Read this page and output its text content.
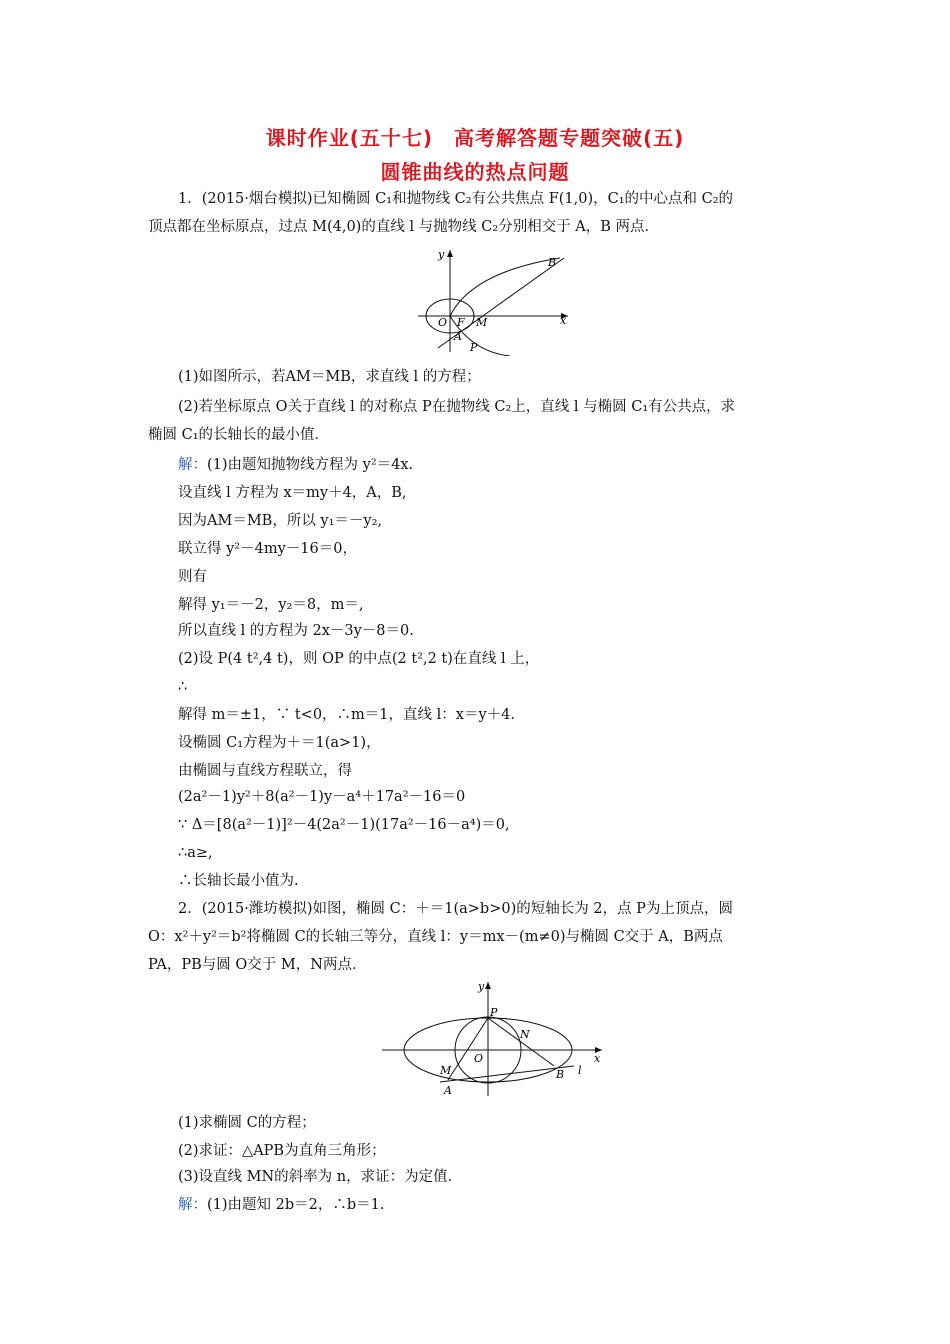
课时作业(五十七)　高考解答题专题突破(五)
圆锥曲线的热点问题
1．(2015·烟台模拟)已知椭圆 C₁和抛物线 C₂有公共焦点 F(1,0)，C₁的中心点和 C₂的
顶点都在坐标原点，过点 M(4,0)的直线 l 与抛物线 C₂分别相交于 A，B 两点．
y
B
O F M	x
A
P
(1)如图所示，若AM＝MB，求直线 l 的方程；
(2)若坐标原点 O关于直线 l 的对称点 P在抛物线 C₂上，直线 l 与椭圆 C₁有公共点，求
椭圆 C₁的长轴长的最小值．
解：(1)由题知抛物线方程为 y²＝4x.
设直线 l 方程为 x＝my＋4，A，B,
因为AM＝MB，所以 y₁＝－y₂,
联立得 y²－4my－16＝0，
则有
解得 y₁＝－2，y₂＝8，m＝,
所以直线 l 的方程为 2x－3y－8＝0.
(2)设 P(4 t²,4 t)，则 OP 的中点(2 t²,2 t)在直线 l 上，
∴
解得 m＝±1，∵ t<0，∴m＝1，直线 l：x＝y＋4.
设椭圆 C₁方程为＋＝1(a>1)，
由椭圆与直线方程联立，得
(2a²－1)y²＋8(a²－1)y－a⁴＋17a²－16＝0
∵ Δ＝[8(a²－1)]²－4(2a²－1)(17a²－16－a⁴)＝0,
∴a≥,
∴长轴长最小值为.
2．(2015·潍坊模拟)如图，椭圆 C：＋＝1(a>b>0)的短轴长为 2，点 P为上顶点，圆
O：x²＋y²＝b²将椭圆 C的长轴三等分，直线 l：y＝mx－(m≠0)与椭圆 C交于 A，B两点
PA，PB与圆 O交于 M，N两点．
y
P
N
O	x
M	B l
A
(1)求椭圆 C的方程；
(2)求证：△APB为直角三角形；
(3)设直线 MN的斜率为 n，求证：为定值．
解：(1)由题知 2b＝2，∴b＝1.
